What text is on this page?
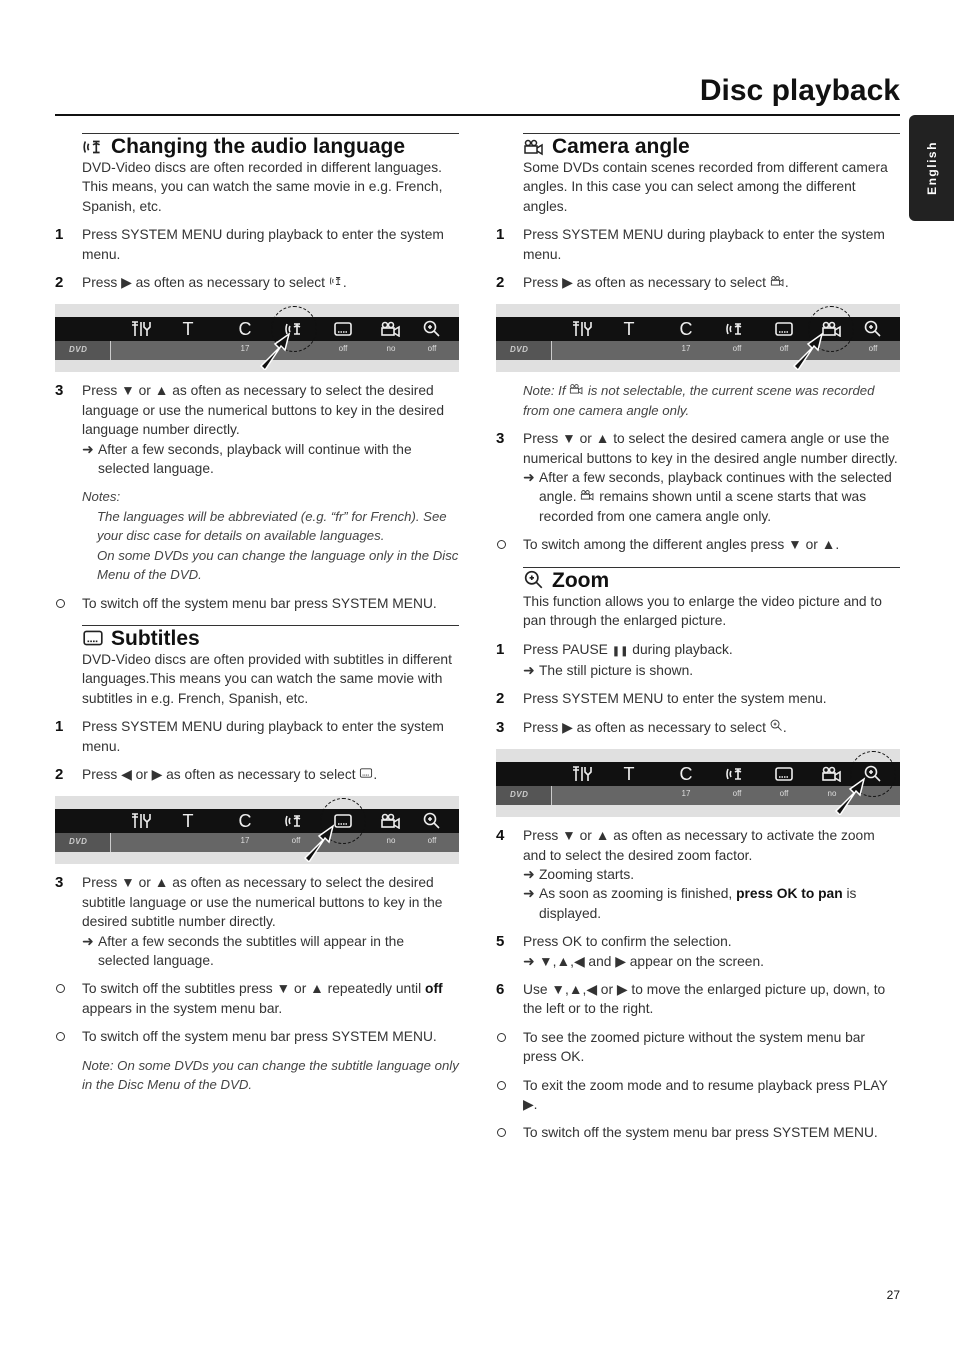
Disc playback
English
Changing the audio language

DVD-Video discs are often recorded in different languages. This means, you can watch the same movie in e.g. French, Spanish, etc.

1	Press SYSTEM MENU during playback to enter the system menu.
2	Press ▶ as often as necessary to select .
DVD
T	C
17	off	no	off
3	Press ▼ or ▲ as often as necessary to select the desired language or use the numerical buttons to key in the desired language number directly.
➜ After a few seconds, playback will continue with the selected language.
Notes:
The languages will be abbreviated (e.g. “fr” for French). See your disc case for details on available languages.
On some DVDs you can change the language only in the Disc Menu of the DVD.
To switch off the system menu bar press SYSTEM MENU.
Subtitles

DVD-Video discs are often provided with subtitles in different languages.This means you can watch the same movie with subtitles in e.g. French, Spanish, etc.

1	Press SYSTEM MENU during playback to enter the system menu.
2	Press ◀ or ▶ as often as necessary to select .
DVD
T	C
17	off	no	off
3	Press ▼ or ▲ as often as necessary to select the desired subtitle language or use the numerical buttons to key in the desired subtitle number directly.
➜ After a few seconds the subtitles will appear in the selected language.
To switch off the subtitles press ▼ or ▲ repeatedly until off appears in the system menu bar.
To switch off the system menu bar press SYSTEM MENU.
Note: On some DVDs you can change the subtitle language only in the Disc Menu of the DVD.
Camera angle

Some DVDs contain scenes recorded from different camera angles. In this case you can select among the different angles.

1	Press SYSTEM MENU during playback to enter the system menu.
2	Press ▶ as often as necessary to select .
DVD
T	C
17	off	off	off
Note: If  is not selectable, the current scene was recorded from one camera angle only.
3	Press ▼ or ▲ to select the desired camera angle or use the numerical buttons to key in the desired angle number directly.
➜ After a few seconds, playback continues with the selected angle.  remains shown until a scene starts that was recorded from one camera angle only.
To switch among the different angles press ▼ or ▲.
Zoom

This function allows you to enlarge the video picture and to pan through the enlarged picture.

1	Press PAUSE ❚❚ during playback.
➜ The still picture is shown.
2	Press SYSTEM MENU to enter the system menu.
3	Press ▶ as often as necessary to select .
DVD
T	C
17	off	off	no
4	Press ▼ or ▲ as often as necessary to activate the zoom and to select the desired zoom factor.
➜ Zooming starts.
➜ As soon as zooming is finished, press OK to pan is displayed.
5	Press OK to confirm the selection.
➜ ▼,▲,◀ and ▶ appear on the screen.
6	Use ▼,▲,◀ or ▶ to move the enlarged picture up, down, to the left or to the right.
To see the zoomed picture without the system menu bar press OK.
To exit the zoom mode and to resume playback press PLAY ▶.
To switch off the system menu bar press SYSTEM MENU.
27
